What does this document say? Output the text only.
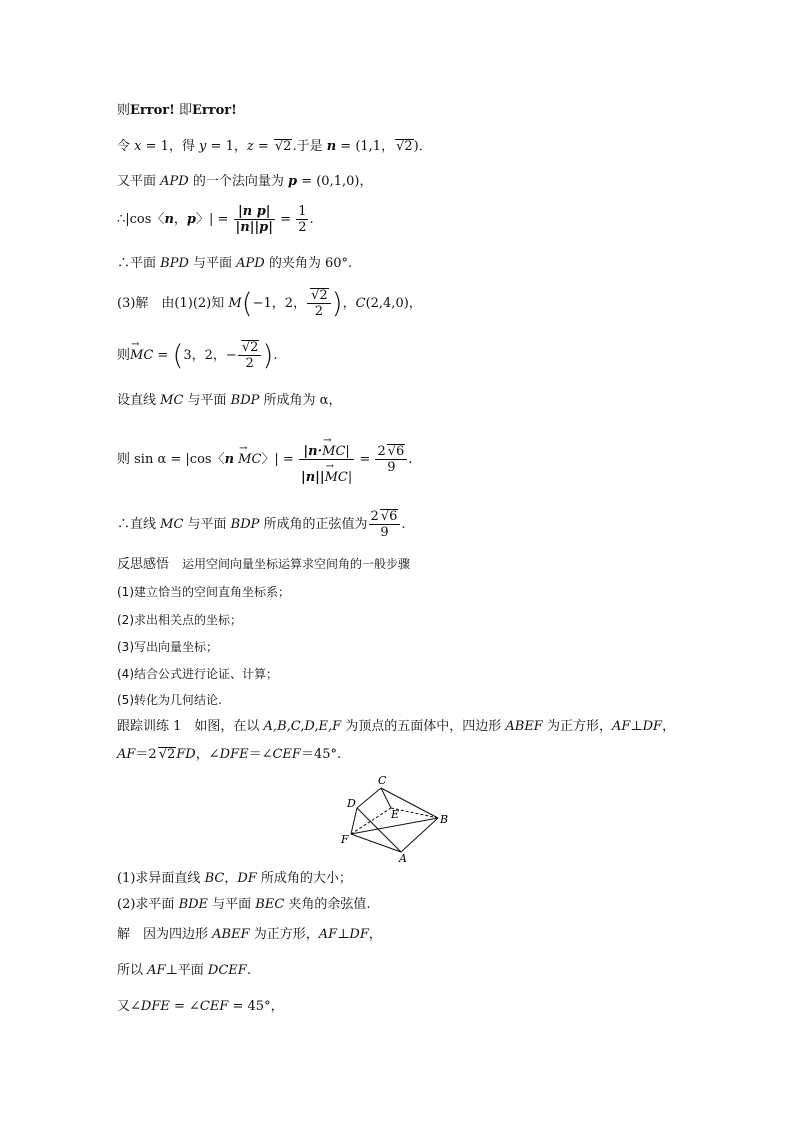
则Error! 即Error!
令 x = 1，得 y = 1，z = √ 2.于是 n = (1,1， √ 2)．
又平面 APD 的一个法向量为 p = (0,1,0)，
∴|cos〈n，p〉| = $\frac{\text{|n p|}}{|n||p|} = \frac{1}{2}$ .
∴平面 BPD 与平面 APD 的夹角为 60°.
(3)解　由(1)(2)知 M(−1，2， √ $\frac{2}{2}$ )，C(2,4,0)，
则→ MC = (3，2，− √ $\frac{2}{2}$ ).
设直线 MC 与平面 BDP 所成角为 α，
则 sin α = |cos〈n → MC〉| = $\frac{|n\cdot\to MC|}{|n||\to MC|} = \frac{2 √ 6}{9}$ .
∴直线 MC 与平面 BDP 所成角的正弦值为 $\frac{2 √ 6}{9}$ .
反思感悟　 运用空间向量坐标运算求空间角的一般步骤
(1)建立恰当的空间直角坐标系；
(2)求出相关点的坐标；
(3)写出向量坐标；
(4)结合公式进行论证、计算；
(5)转化为几何结论.
跟踪训练 1　如图，在以 A,B,C,D,E,F 为顶点的五面体中，四边形 ABEF 为正方形，AF⊥DF，
AF＝2 √ 2FD，∠DFE＝∠CEF＝45°.
C
D
E	B
F
A
(1)求异面直线 BC，DF 所成角的大小；
(2)求平面 BDE 与平面 BEC 夹角的余弦值.
解　因为四边形 ABEF 为正方形，AF⊥DF，
所以 AF⊥平面 DCEF.
又∠DFE = ∠CEF = 45°，
